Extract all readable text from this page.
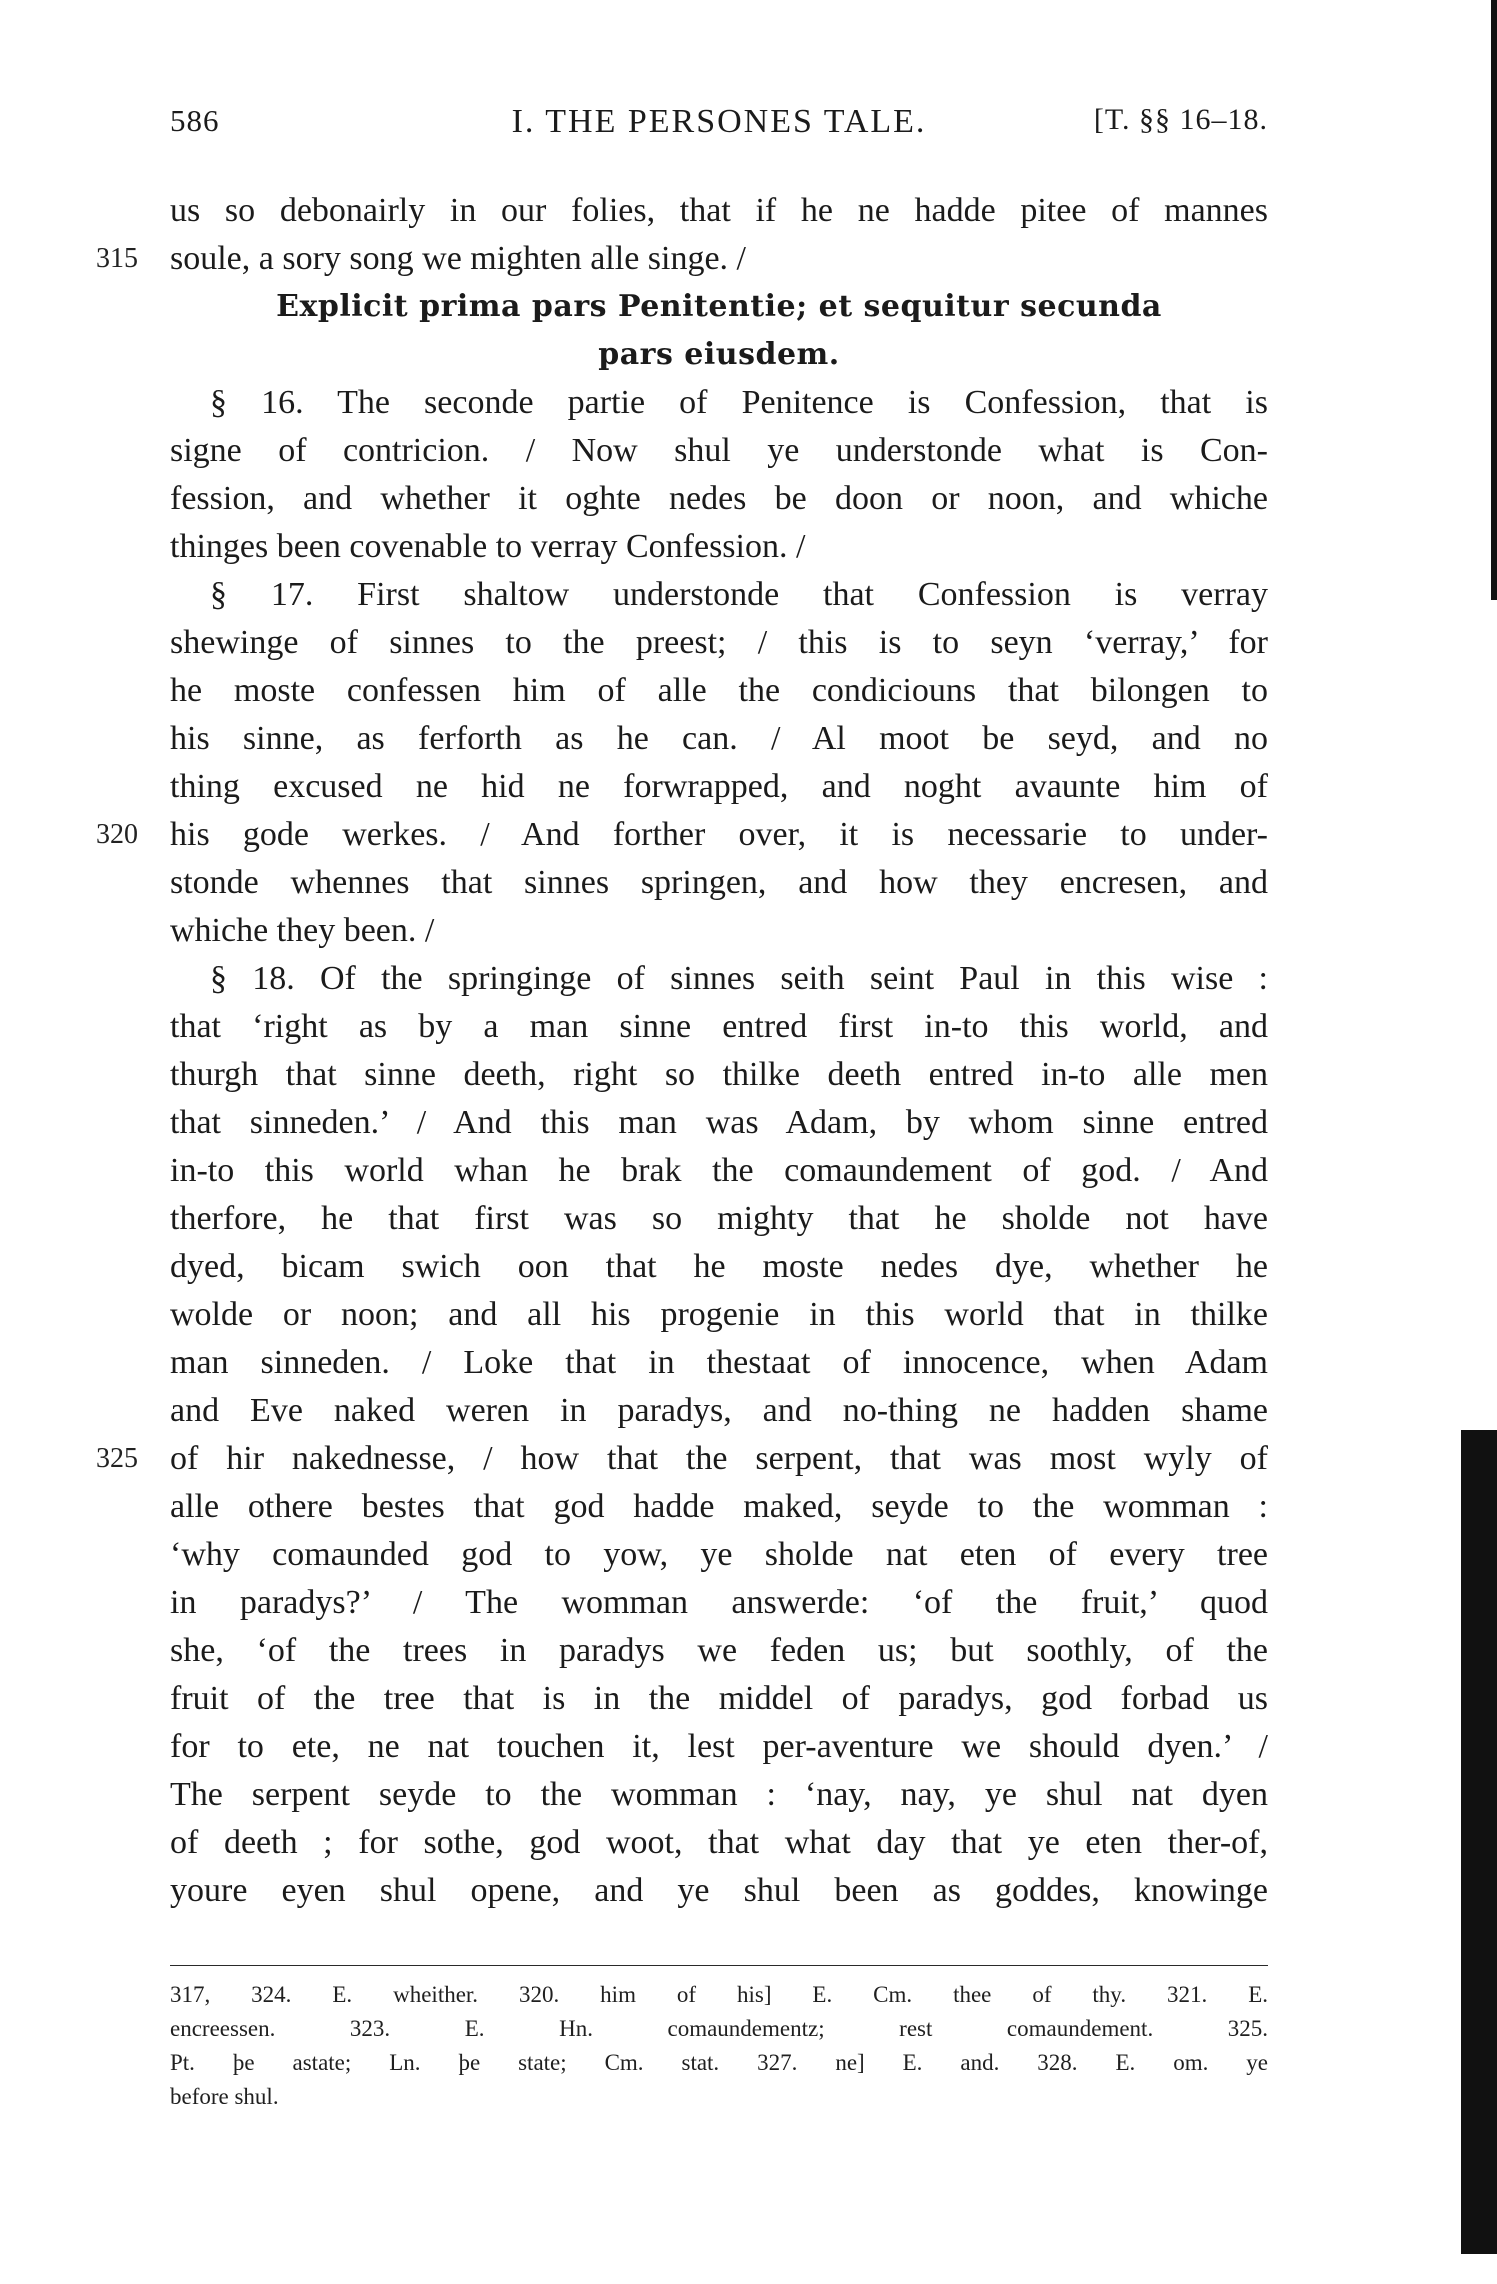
586	I. THE PERSONES TALE.	[T. §§ 16–18.
us so debonairly in our folies, that if he ne hadde pitee of mannes
soule, a sory song we mighten alle singe. /
Explicit prima pars Penitentie; et sequitur secunda
pars eiusdem.
§ 16. The seconde partie of Penitence is Confession, that is
signe of contricion. / Now shul ye understonde what is Con-
fession, and whether it oghte nedes be doon or noon, and whiche
thinges been covenable to verray Confession. /
§ 17. First shaltow understonde that Confession is verray
shewinge of sinnes to the preest; / this is to seyn ‘verray,’ for
he moste confessen him of alle the condiciouns that bilongen to
his sinne, as ferforth as he can. / Al moot be seyd, and no
thing excused ne hid ne forwrapped, and noght avaunte him of
his gode werkes. / And forther over, it is necessarie to under-
stonde whennes that sinnes springen, and how they encresen, and
whiche they been. /
§ 18. Of the springinge of sinnes seith seint Paul in this wise :
that ‘right as by a man sinne entred first in-to this world, and
thurgh that sinne deeth, right so thilke deeth entred in-to alle men
that sinneden.’ / And this man was Adam, by whom sinne entred
in-to this world whan he brak the comaundement of god. / And
therfore, he that first was so mighty that he sholde not have
dyed, bicam swich oon that he moste nedes dye, whether he
wolde or noon; and all his progenie in this world that in thilke
man sinneden. / Loke that in thestaat of innocence, when Adam
and Eve naked weren in paradys, and no-thing ne hadden shame
of hir nakednesse, / how that the serpent, that was most wyly of
alle othere bestes that god hadde maked, seyde to the womman :
‘why comaunded god to yow, ye sholde nat eten of every tree
in paradys?’ / The womman answerde: ‘of the fruit,’ quod
she, ‘of the trees in paradys we feden us; but soothly, of the
fruit of the tree that is in the middel of paradys, god forbad us
for to ete, ne nat touchen it, lest per-aventure we should dyen.’ /
The serpent seyde to the womman : ‘nay, nay, ye shul nat dyen
of deeth ; for sothe, god woot, that what day that ye eten ther-of,
youre eyen shul opene, and ye shul been as goddes, knowinge
317, 324. E. wheither. 320. him of his] E. Cm. thee of thy. 321. E.
encreessen. 323. E. Hn. comaundementz; rest comaundement. 325.
Pt. þe astate; Ln. þe state; Cm. stat. 327. ne] E. and. 328. E. om. ye
before shul.
315
320
325
